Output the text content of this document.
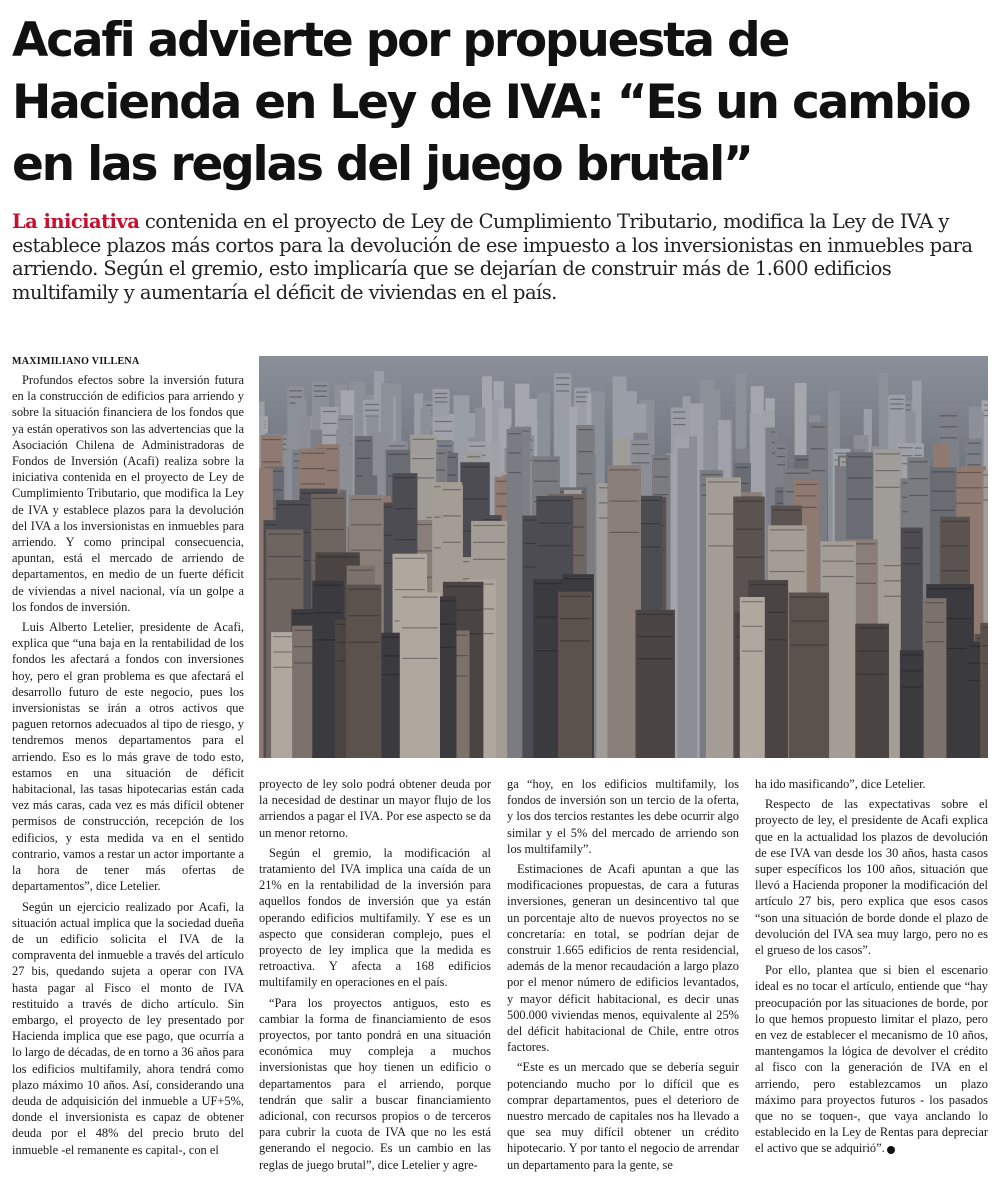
Acafi advierte por propuesta de Hacienda en Ley de IVA: “Es un cambio en las reglas del juego brutal”

La iniciativa contenida en el proyecto de Ley de Cumplimiento Tributario, modifica la Ley de IVA y establece plazos más cortos para la devolución de ese impuesto a los inversionistas en inmuebles para arriendo. Según el gremio, esto implicaría que se dejarían de construir más de 1.600 edificios multifamily y aumentaría el déficit de viviendas en el país.

MAXIMILIANO VILLENA

Profundos efectos sobre la inversión futura en la construcción de edificios para arriendo y sobre la situación financiera de los fondos que ya están operativos son las advertencias que la Asociación Chilena de Administradoras de Fondos de Inversión (Acafi) realiza sobre la iniciativa contenida en el proyecto de Ley de Cumplimiento Tributario, que modifica la Ley de IVA y establece plazos para la devolución del IVA a los inversionistas en inmuebles para arriendo. Y como principal consecuencia, apuntan, está el mercado de arriendo de departamentos, en medio de un fuerte déficit de viviendas a nivel nacional, vía un golpe a los fondos de inversión.

Luis Alberto Letelier, presidente de Acafi, explica que “una baja en la rentabilidad de los fondos les afectará a fondos con inversiones hoy, pero el gran problema es que afectará el desarrollo futuro de este negocio, pues los inversionistas se irán a otros activos que paguen retornos adecuados al tipo de riesgo, y tendremos menos departamentos para el arriendo. Eso es lo más grave de todo esto, estamos en una situación de déficit habitacional, las tasas hipotecarias están cada vez más caras, cada vez es más difícil obtener permisos de construcción, recepción de los edificios, y esta medida va en el sentido contrario, vamos a restar un actor importante a la hora de tener más ofertas de departamentos”, dice Letelier.

Según un ejercicio realizado por Acafi, la situación actual implica que la sociedad dueña de un edificio solicita el IVA de la compraventa del inmueble a través del artículo 27 bis, quedando sujeta a operar con IVA hasta pagar al Fisco el monto de IVA restituido a través de dicho artículo. Sin embargo, el proyecto de ley presentado por Hacienda implica que ese pago, que ocurría a lo largo de décadas, de en torno a 36 años para los edificios multifamily, ahora tendrá como plazo máximo 10 años. Así, considerando una deuda de adquisición del inmueble a UF+5%, donde el inversionista es capaz de obtener deuda por el 48% del precio bruto del inmueble -el remanente es capital-, con el

proyecto de ley solo podrá obtener deuda por la necesidad de destinar un mayor flujo de los arriendos a pagar el IVA. Por ese aspecto se da un menor retorno.

Según el gremio, la modificación al tratamiento del IVA implica una caída de un 21% en la rentabilidad de la inversión para aquellos fondos de inversión que ya están operando edificios multifamily. Y ese es un aspecto que consideran complejo, pues el proyecto de ley implica que la medida es retroactiva. Y afecta a 168 edificios multifamily en operaciones en el país.

“Para los proyectos antiguos, esto es cambiar la forma de financiamiento de esos proyectos, por tanto pondrá en una situación económica muy compleja a muchos inversionistas que hoy tienen un edificio o departamentos para el arriendo, porque tendrán que salir a buscar financiamiento adicional, con recursos propios o de terceros para cubrir la cuota de IVA que no les está generando el negocio. Es un cambio en las reglas de juego brutal”, dice Letelier y agre-

ga “hoy, en los edificios multifamily, los fondos de inversión son un tercio de la oferta, y los dos tercios restantes les debe ocurrir algo similar y el 5% del mercado de arriendo son los multifamily”.

Estimaciones de Acafi apuntan a que las modificaciones propuestas, de cara a futuras inversiones, generan un desincentivo tal que un porcentaje alto de nuevos proyectos no se concretaría: en total, se podrían dejar de construir 1.665 edificios de renta residencial, además de la menor recaudación a largo plazo por el menor número de edificios levantados, y mayor déficit habitacional, es decir unas 500.000 viviendas menos, equivalente al 25% del déficit habitacional de Chile, entre otros factores.

“Este es un mercado que se debería seguir potenciando mucho por lo difícil que es comprar departamentos, pues el deterioro de nuestro mercado de capitales nos ha llevado a que sea muy difícil obtener un crédito hipotecario. Y por tanto el negocio de arrendar un departamento para la gente, se

ha ido masificando”, dice Letelier.

Respecto de las expectativas sobre el proyecto de ley, el presidente de Acafi explica que en la actualidad los plazos de devolución de ese IVA van desde los 30 años, hasta casos super específicos los 100 años, situación que llevó a Hacienda proponer la modificación del artículo 27 bis, pero explica que esos casos “son una situación de borde donde el plazo de devolución del IVA sea muy largo, pero no es el grueso de los casos”.

Por ello, plantea que si bien el escenario ideal es no tocar el artículo, entiende que “hay preocupación por las situaciones de borde, por lo que hemos propuesto limitar el plazo, pero en vez de establecer el mecanismo de 10 años, mantengamos la lógica de devolver el crédito al fisco con la generación de IVA en el arriendo, pero establezcamos un plazo máximo para proyectos futuros - los pasados que no se toquen-, que vaya anclando lo establecido en la Ley de Rentas para depreciar el activo que se adquirió”.
